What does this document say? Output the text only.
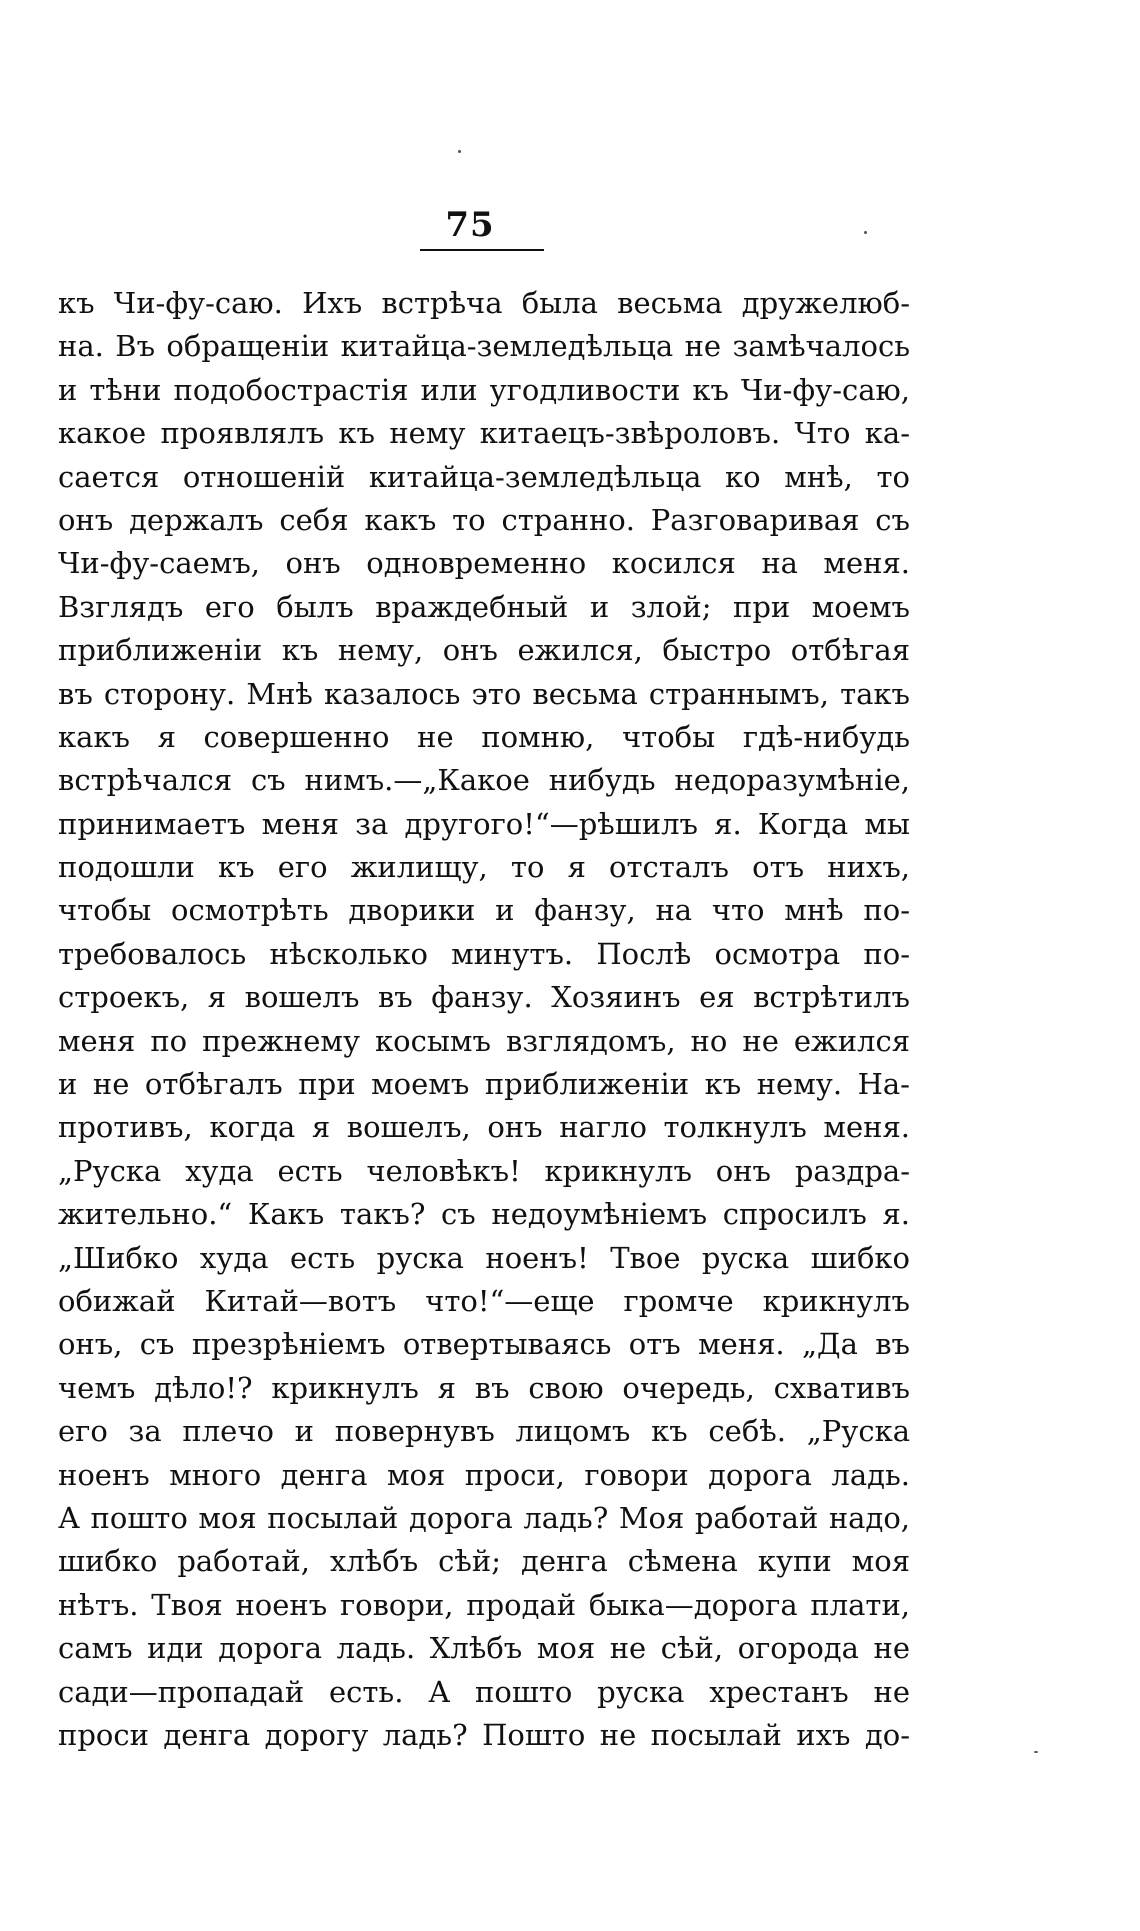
75
къ Чи-фу-саю. Ихъ встрѣча была весьма дружелюб-
на. Въ обращеніи китайца-земледѣльца не замѣчалось
и тѣни подобострастія или угодливости къ Чи-фу-саю,
какое проявлялъ къ нему китаецъ-звѣроловъ. Что ка-
сается отношеній китайца-земледѣльца ко мнѣ, то
онъ держалъ себя какъ то странно. Разговаривая съ
Чи-фу-саемъ, онъ одновременно косился на меня.
Взглядъ его былъ враждебный и злой; при моемъ
приближеніи къ нему, онъ ежился, быстро отбѣгая
въ сторону. Мнѣ казалось это весьма страннымъ, такъ
какъ я совершенно не помню, чтобы гдѣ-нибудь
встрѣчался съ нимъ.—„Какое нибудь недоразумѣніе,
принимаетъ меня за другого!“—рѣшилъ я. Когда мы
подошли къ его жилищу, то я отсталъ отъ нихъ,
чтобы осмотрѣть дворики и фанзу, на что мнѣ по-
требовалось нѣсколько минутъ. Послѣ осмотра по-
строекъ, я вошелъ въ фанзу. Хозяинъ ея встрѣтилъ
меня по прежнему косымъ взглядомъ, но не ежился
и не отбѣгалъ при моемъ приближеніи къ нему. На-
противъ, когда я вошелъ, онъ нагло толкнулъ меня.
„Руска худа есть человѣкъ! крикнулъ онъ раздра-
жительно.“ Какъ такъ? съ недоумѣніемъ спросилъ я.
„Шибко худа есть руска ноенъ! Твое руска шибко
обижай Китай—вотъ что!“—еще громче крикнулъ
онъ, съ презрѣніемъ отвертываясь отъ меня. „Да въ
чемъ дѣло!? крикнулъ я въ свою очередь, схвативъ
его за плечо и повернувъ лицомъ къ себѣ. „Руска
ноенъ много денга моя проси, говори дорога ладь.
А пошто моя посылай дорога ладь? Моя работай надо,
шибко работай, хлѣбъ сѣй; денга сѣмена купи моя
нѣтъ. Твоя ноенъ говори, продай быка—дорога плати,
самъ иди дорога ладь. Хлѣбъ моя не сѣй, огорода не
сади—пропадай есть. А пошто руска хрестанъ не
проси денга дорогу ладь? Пошто не посылай ихъ до-
